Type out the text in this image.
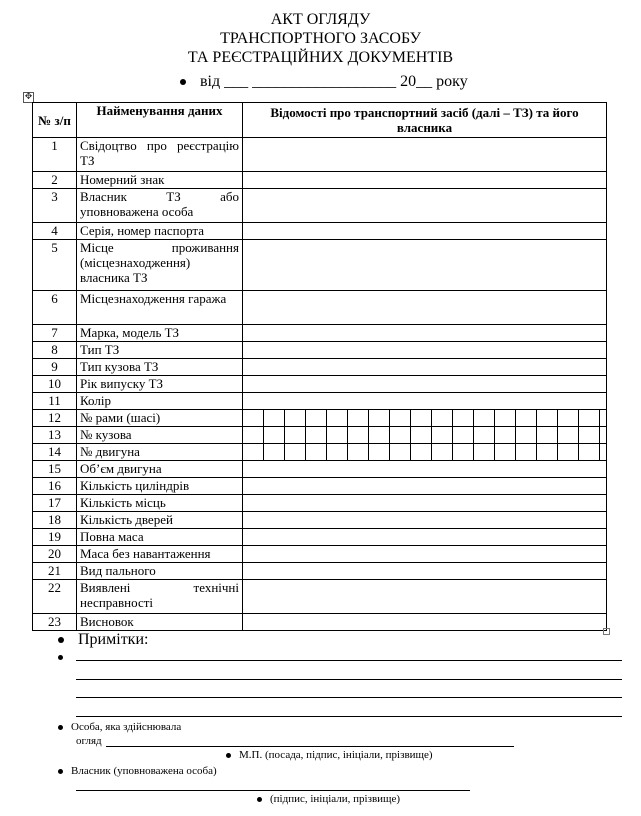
АКТ ОГЛЯДУ
ТРАНСПОРТНОГО ЗАСОБУ
ТА РЕЄСТРАЦІЙНИХ ДОКУМЕНТІВ
від ___ __________________ 20__ року
✥
№ з/п	Найменування даних	Відомості про транспортний засіб (далі – ТЗ) та його власника
1	Свідоцтво про реєстрацію ТЗ	
2	Номерний знак	
3	Власник ТЗ або уповноважена особа	
4	Серія, номер паспорта	
5	Місце проживання (місцезнаходження) власника ТЗ	
6	Місцезнаходження гаража	
7	Марка, модель ТЗ	
8	Тип ТЗ	
9	Тип кузова ТЗ	
10	Рік випуску ТЗ	
11	Колір	
12	№ рами (шасі)	

13	№ кузова	

14	№ двигуна	

15	Об’єм двигуна	
16	Кількість циліндрів	
17	Кількість місць	
18	Кількість дверей	
19	Повна маса	
20	Маса без навантаження	
21	Вид пального	
22	Виявлені технічні несправності	
23	Висновок	
Примітки:
Особа, яка здійснювала
огляд
М.П. (посада, підпис, ініціали, прізвище)
Власник (уповноважена особа)
(підпис, ініціали, прізвище)
